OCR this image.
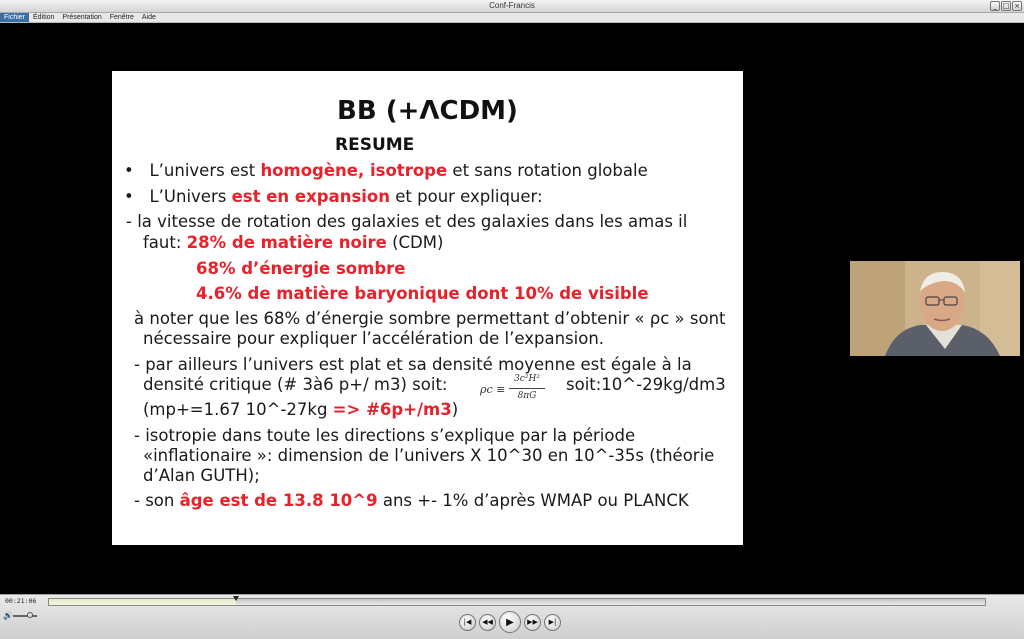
Conf-Francis	_ □ ×
Fichier	Édition	Présentation	Fenêtre	Aide
BB (+ΛCDM)
RESUME
• L’univers est homogène, isotrope et sans rotation globale
• L’Univers est en expansion et pour expliquer:
- la vitesse de rotation des galaxies et des galaxies dans les amas il
faut: 28% de matière noire (CDM)
68% d’énergie sombre
4.6% de matière baryonique dont 10% de visible
à noter que les 68% d’énergie sombre permettant d’obtenir « ρc » sont
nécessaire pour expliquer l’accélération de l’expansion.
- par ailleurs l’univers est plat et sa densité moyenne est égale à la
densité critique (# 3à6 p+/ m3) soit:	ρc ≡
3c²H²
8πG
soit:10^-29kg/dm3
(mp+=1.67 10^-27kg => #6p+/m3)
- isotropie dans toute les directions s’explique par la période
«inflationaire »: dimension de l’univers X 10^30 en 10^-35s (théorie
d’Alan GUTH);
- son âge est de 13.8 10^9 ans +- 1% d’après WMAP ou PLANCK
00:21:06
🔊
|◀ ◀◀ ▶ ▶▶ ▶|
